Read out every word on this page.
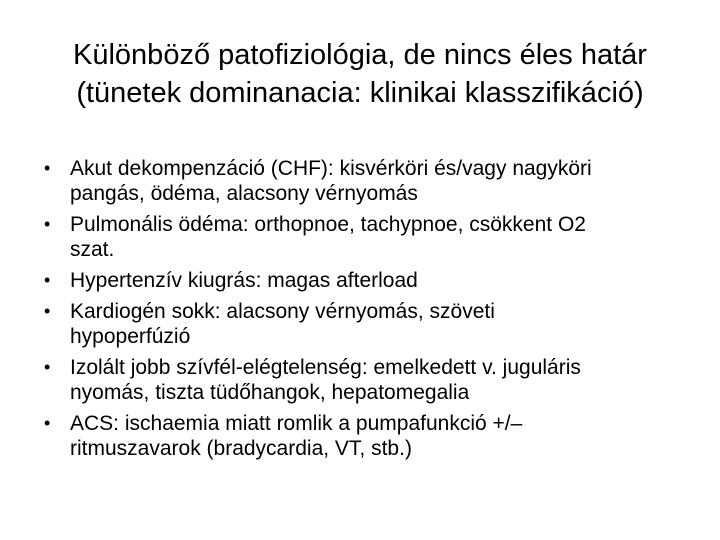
Különböző patofiziológia, de nincs éles határ
(tünetek dominanacia: klinikai klasszifikáció)
• Akut dekompenzáció (CHF): kisvérköri és/vagy nagyköri
pangás, ödéma, alacsony vérnyomás
• Pulmonális ödéma: orthopnoe, tachypnoe, csökkent O2
szat.
• Hypertenzív kiugrás: magas afterload
• Kardiogén sokk: alacsony vérnyomás, szöveti
hypoperfúzió
• Izolált jobb szívfél-elégtelenség: emelkedett v. juguláris
nyomás, tiszta tüdőhangok, hepatomegalia
• ACS: ischaemia miatt romlik a pumpafunkció +/–
ritmuszavarok (bradycardia, VT, stb.)
